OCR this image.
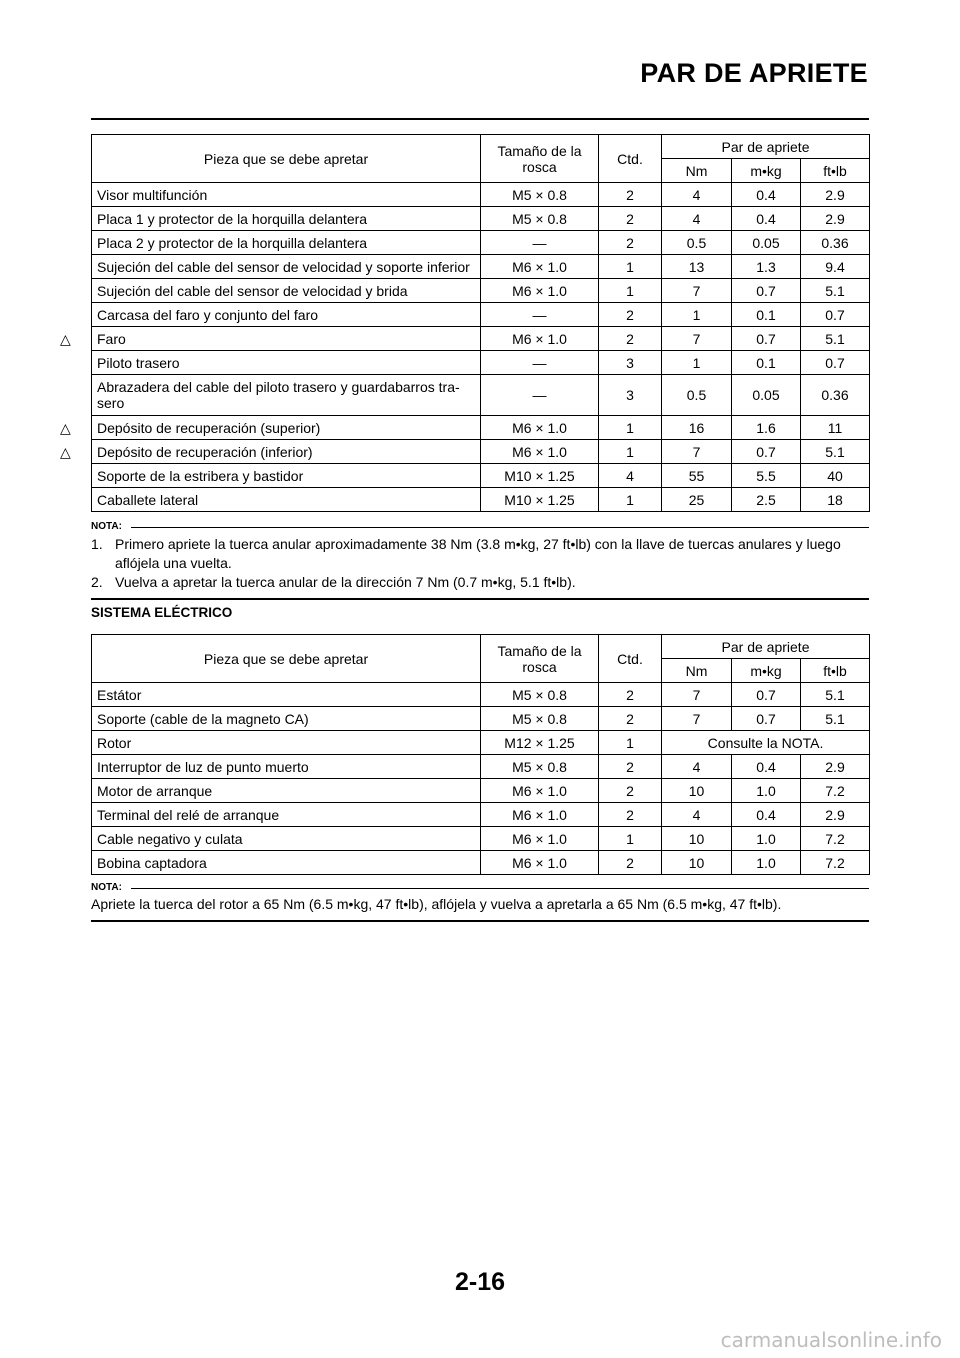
PAR DE APRIETE
Pieza que se debe apretar	Tamaño de la rosca	Ctd.	Par de apriete		
			Nm	m•kg	ft•lb
Visor multifunción	M5 × 0.8	2	4	0.4	2.9
Placa 1 y protector de la horquilla delantera	M5 × 0.8	2	4	0.4	2.9
Placa 2 y protector de la horquilla delantera	—	2	0.5	0.05	0.36
Sujeción del cable del sensor de velocidad y soporte inferior	M6 × 1.0	1	13	1.3	9.4
Sujeción del cable del sensor de velocidad y brida	M6 × 1.0	1	7	0.7	5.1
Carcasa del faro y conjunto del faro	—	2	1	0.1	0.7
Faro	M6 × 1.0	2	7	0.7	5.1
Piloto trasero	—	3	1	0.1	0.7
Abrazadera del cable del piloto trasero y guardabarros tra-sero	—	3	0.5	0.05	0.36
Depósito de recuperación (superior)	M6 × 1.0	1	16	1.6	11
Depósito de recuperación (inferior)	M6 × 1.0	1	7	0.7	5.1
Soporte de la estribera y bastidor	M10 × 1.25	4	55	5.5	40
Caballete lateral	M10 × 1.25	1	25	2.5	18
NOTA:
1. Primero apriete la tuerca anular aproximadamente 38 Nm (3.8 m•kg, 27 ft•lb) con la llave de tuercas anulares y luego aflójela una vuelta.
2. Vuelva a apretar la tuerca anular de la dirección 7 Nm (0.7 m•kg, 5.1 ft•lb).
SISTEMA ELÉCTRICO
Pieza que se debe apretar	Tamaño de la rosca	Ctd.	Par de apriete		
			Nm	m•kg	ft•lb
Estátor	M5 × 0.8	2	7	0.7	5.1
Soporte (cable de la magneto CA)	M5 × 0.8	2	7	0.7	5.1
Rotor	M12 × 1.25	1	Consulte la NOTA.		
Interruptor de luz de punto muerto	M5 × 0.8	2	4	0.4	2.9
Motor de arranque	M6 × 1.0	2	10	1.0	7.2
Terminal del relé de arranque	M6 × 1.0	2	4	0.4	2.9
Cable negativo y culata	M6 × 1.0	1	10	1.0	7.2
Bobina captadora	M6 × 1.0	2	10	1.0	7.2
NOTA:
Apriete la tuerca del rotor a 65 Nm (6.5 m•kg, 47 ft•lb), aflójela y vuelva a apretarla a 65 Nm (6.5 m•kg, 47 ft•lb).
△
△
△
2-16
carmanualsonline.info
